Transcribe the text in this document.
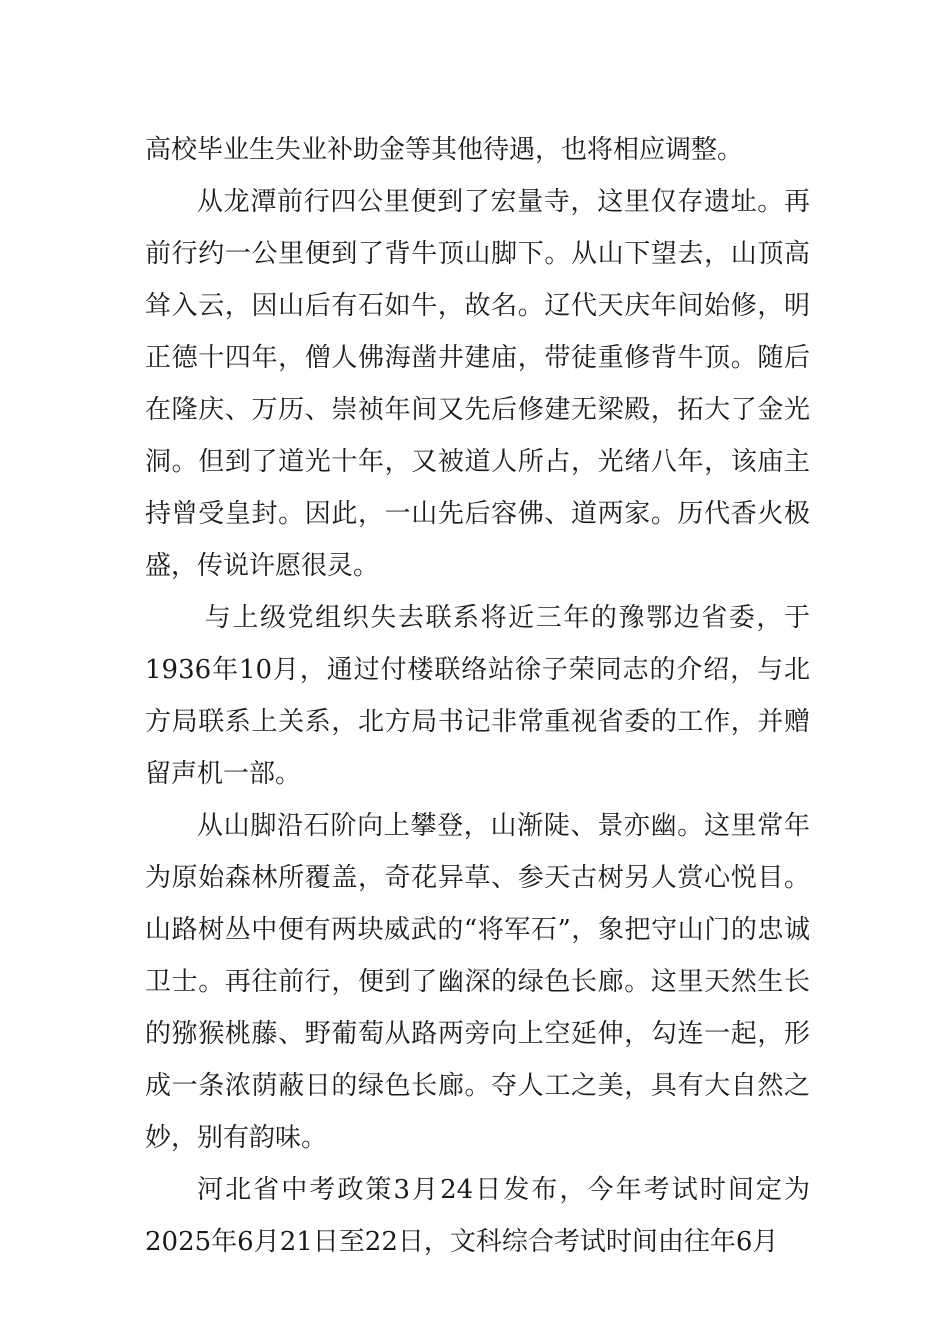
高校毕业生失业补助金等其他待遇，也将相应调整。

从龙潭前行四公里便到了宏量寺，这里仅存遗址。再前行约一公里便到了背牛顶山脚下。从山下望去，山顶高耸入云，因山后有石如牛，故名。辽代天庆年间始修，明正德十四年，僧人佛海凿井建庙，带徒重修背牛顶。随后在隆庆、万历、崇祯年间又先后修建无梁殿，拓大了金光洞。但到了道光十年，又被道人所占，光绪八年，该庙主持曾受皇封。因此，一山先后容佛、道两家。历代香火极盛，传说许愿很灵。

与上级党组织失去联系将近三年的豫鄂边省委，于1936年10月，通过付楼联络站徐子荣同志的介绍，与北方局联系上关系，北方局书记非常重视省委的工作，并赠留声机一部。

从山脚沿石阶向上攀登，山渐陡、景亦幽。这里常年为原始森林所覆盖，奇花异草、参天古树另人赏心悦目。山路树丛中便有两块威武的“将军石”，象把守山门的忠诚卫士。再往前行，便到了幽深的绿色长廊。这里天然生长的猕猴桃藤、野葡萄从路两旁向上空延伸，勾连一起，形成一条浓荫蔽日的绿色长廊。夺人工之美，具有大自然之妙，别有韵味。

河北省中考政策3月24日发布，今年考试时间定为2025年6月21日至22日，文科综合考试时间由往年6月
